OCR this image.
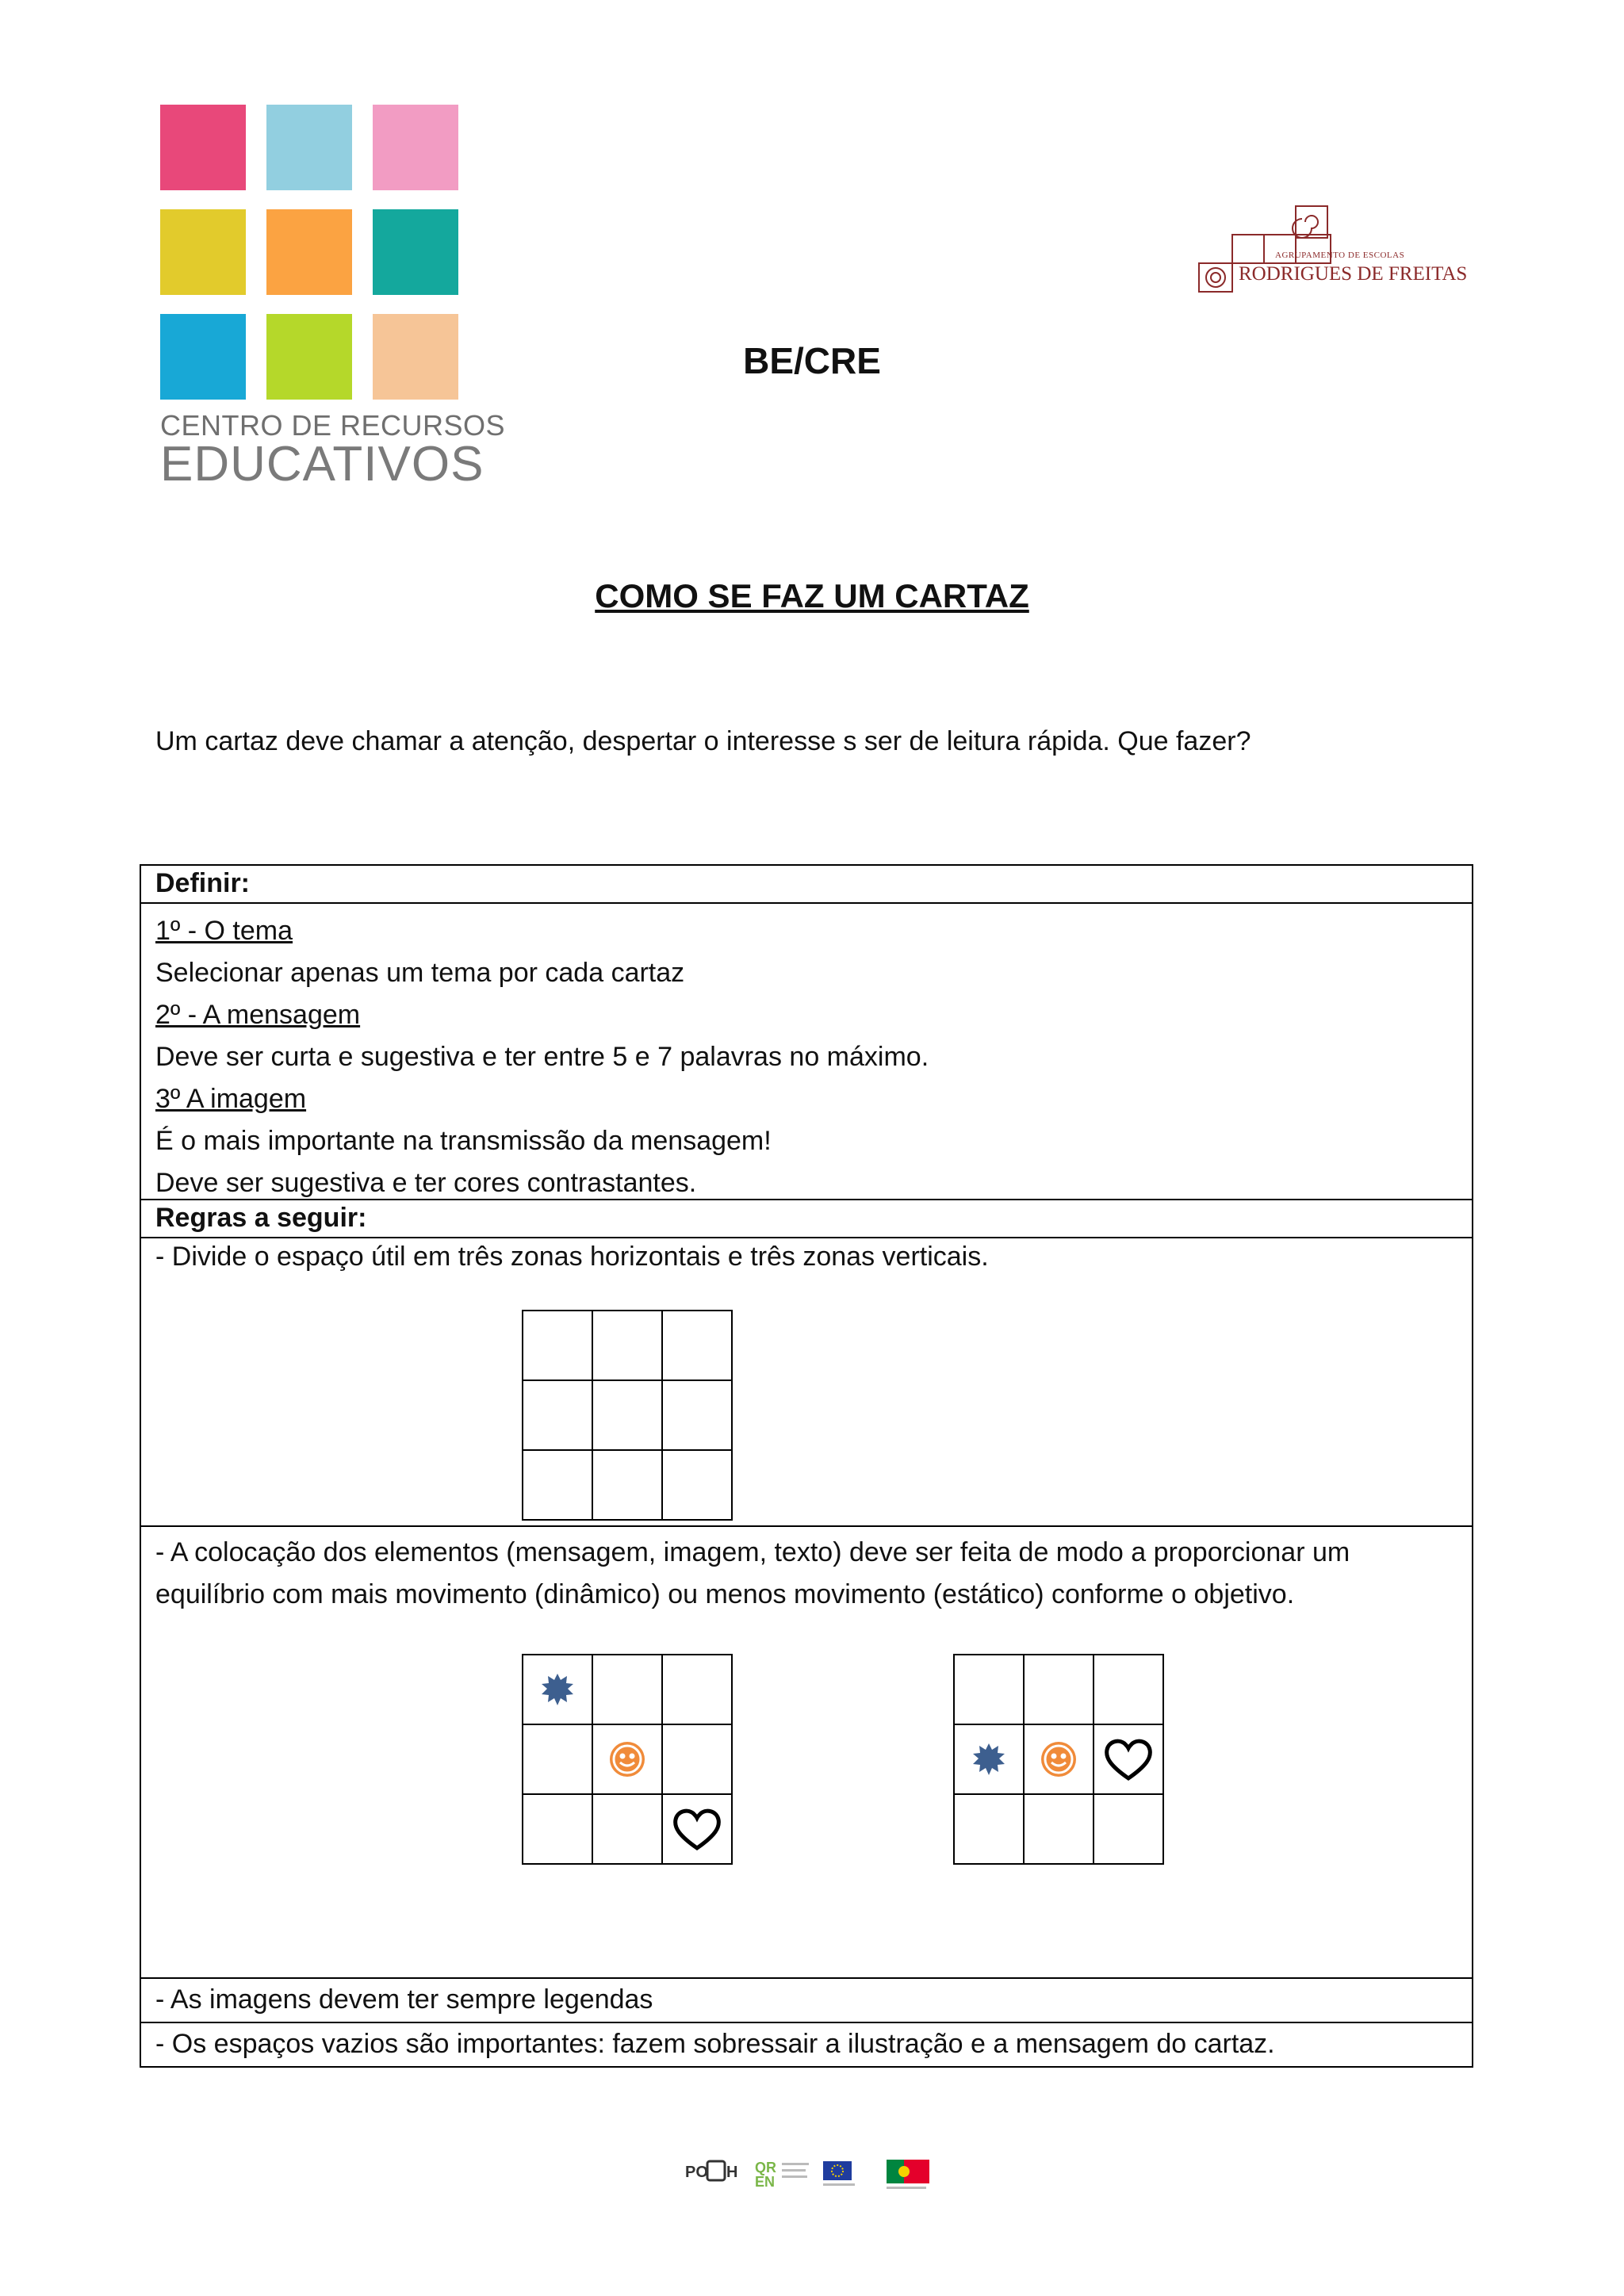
CENTRO DE RECURSOS
EDUCATIVOS
AGRUPAMENTO DE ESCOLAS
RODRIGUES DE FREITAS
BE/CRE
COMO SE FAZ UM CARTAZ
Um cartaz deve chamar a atenção, despertar o interesse s ser de leitura rápida. Que fazer?
Definir:
1º - O tema
Selecionar apenas um tema por cada cartaz
2º - A mensagem
Deve ser curta e sugestiva e ter entre 5 e 7 palavras no máximo.
3º A imagem
É o mais importante na transmissão da mensagem!
Deve ser sugestiva e ter cores contrastantes.
Regras a seguir:
- Divide o espaço útil em três zonas horizontais e três zonas verticais.

- A colocação dos elementos (mensagem, imagem, texto) deve ser feita de modo a proporcionar um
equilíbrio com mais movimento (dinâmico) ou menos movimento (estático) conforme o objetivo.

- As imagens devem ter sempre legendas
- Os espaços vazios são importantes: fazem sobressair a ilustração e a mensagem do cartaz.
PO H QR
EN
